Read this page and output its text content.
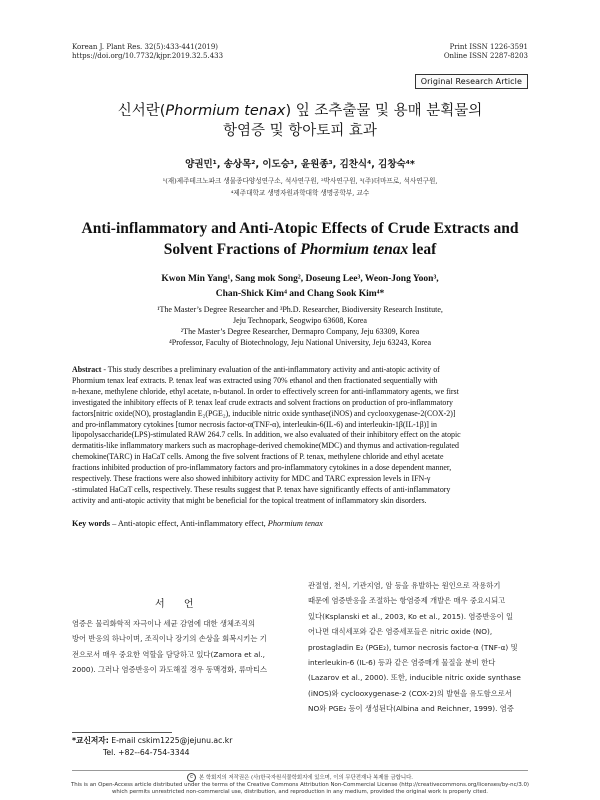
Korean J. Plant Res. 32(5):433-441(2019)
https://doi.org/10.7732/kjpr.2019.32.5.433
Print ISSN 1226-3591
Online ISSN 2287-8203
Original Research Article
신서란(Phormium tenax) 잎 조추출물 및 용매 분획물의
항염증 및 항아토피 효과
양권민¹, 송상목², 이도승³, 윤원종³, 김찬식⁴, 김창숙⁴*
¹(재)제주테크노파크 생물종다양성연구소, 석사연구원, ²박사연구원, ³(주)더마프로, 석사연구원,
⁴제주대학교 생명자원과학대학 생명공학부, 교수
Anti-inflammatory and Anti-Atopic Effects of Crude Extracts and
Solvent Fractions of Phormium tenax leaf
Kwon Min Yang¹, Sang mok Song², Doseung Lee³, Weon-Jong Yoon³,
Chan-Shick Kim⁴ and Chang Sook Kim⁴*
¹The Master’s Degree Researcher and ³Ph.D. Researcher, Biodiversity Research Institute,
Jeju Technopark, Seogwipo 63608, Korea
²The Master’s Degree Researcher, Dermapro Company, Jeju 63309, Korea
⁴Professor, Faculty of Biotechnology, Jeju National University, Jeju 63243, Korea
Abstract - This study describes a preliminary evaluation of the anti-inflammatory activity and anti-atopic activity of
Phormium tenax leaf extracts. P. tenax leaf was extracted using 70% ethanol and then fractionated sequentially with
n-hexane, methylene chloride, ethyl acetate, n-butanol. In order to effectively screen for anti-inflammatory agents, we first
investigated the inhibitory effects of P. tenax leaf crude extracts and solvent fractions on production of pro-inflammatory
factors[nitric oxide(NO), prostaglandin E₂(PGE₂), inducible nitric oxide synthase(iNOS) and cyclooxygenase-2(COX-2)]
and pro-inflammatory cytokines [tumor necrosis factor-α(TNF-α), interleukin-6(IL-6) and interleukin-1β(IL-1β)] in
lipopolysaccharide(LPS)-stimulated RAW 264.7 cells. In addition, we also evaluated of their inhibitory effect on the atopic
dermatitis-like inflammatory markers such as macrophage-derived chemokine(MDC) and thymus and activation-regulated
chemokine(TARC) in HaCaT cells. Among the five solvent fractions of P. tenax, methylene chloride and ethyl acetate
fractions inhibited production of pro-inflammatory factors and pro-inflammatory cytokines in a dose dependent manner,
respectively. These fractions were also showed inhibitory activity for MDC and TARC expression levels in IFN-γ
-stimulated HaCaT cells, respectively. These results suggest that P. tenax have significantly effects of anti-inflammatory
activity and anti-atopic activity that might be beneficial for the topical treatment of inflammatory skin disorders.
Key words – Anti-atopic effect, Anti-inflammatory effect, Phormium tenax
서 언
염증은 물리화학적 자극이나 세균 감염에 대한 생체조직의
방어 반응의 하나이며, 조직이나 장기의 손상을 회복시키는 기
전으로서 매우 중요한 역할을 담당하고 있다(Zamora et al.,
2000). 그러나 염증반응이 과도해질 경우 동맥경화, 류마티스
관절염, 천식, 기관지염, 암 등을 유발하는 원인으로 작용하기
때문에 염증반응을 조절하는 항염증제 개발은 매우 중요시되고
있다(Ksplanski et al., 2003, Ko et al., 2015). 염증반응이 일
어나면 대식세포와 같은 염증세포들은 nitric oxide (NO),
prostagladin E₂ (PGE₂), tumor necrosis factor-α (TNF-α) 및
interleukin-6 (IL-6) 등과 같은 염증매개 물질을 분비 한다
(Lazarov et al., 2000). 또한, inducible nitric oxide synthase
(iNOS)와 cyclooxygenase-2 (COX-2)의 발현을 유도함으로서
NO와 PGE₂ 등이 생성된다(Albina and Reichner, 1999). 염증
*교신저자: E-mail cskim1225@jejunu.ac.kr
Tel. +82--64-754-3344
c 본 학회지의 저작권은 (사)한국자원식물학회지에 있으며, 이의 무단전재나 복제를 금합니다.
This is an Open-Access article distributed under the terms of the Creative Commons Attribution Non-Commercial License (http://creativecommons.org/licenses/by-nc/3.0)
which permits unrestricted non-commercial use, distribution, and reproduction in any medium, provided the original work is properly cited.
